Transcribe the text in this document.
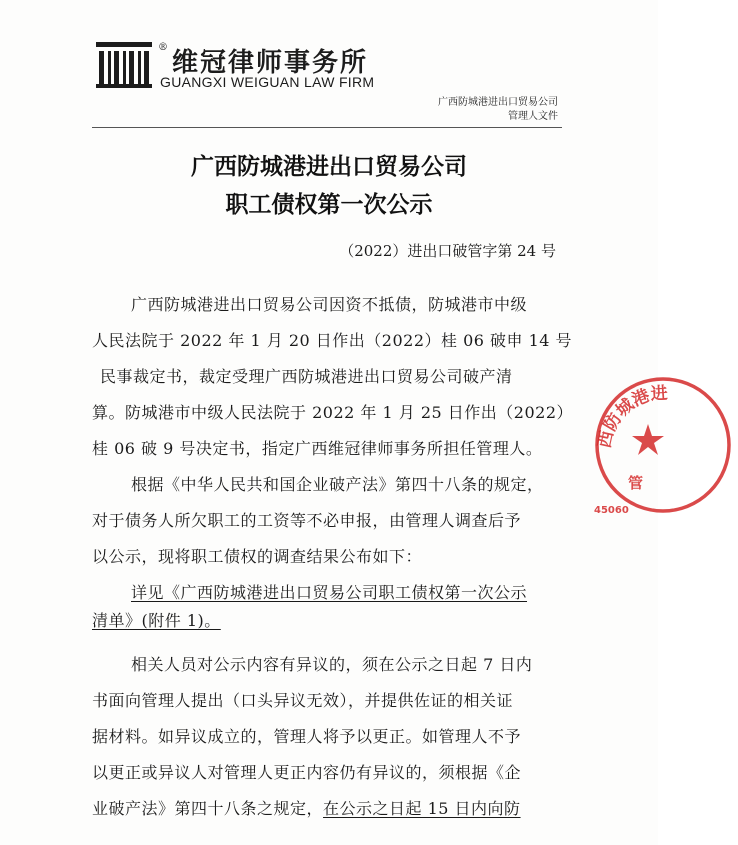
®维冠律师事务所
GUANGXI WEIGUAN LAW FIRM
广西防城港进出口贸易公司
管理人文件
广西防城港进出口贸易公司
职工债权第一次公示
（2022）进出口破管字第 24 号
广西防城港进出口贸易公司因资不抵债，防城港市中级
人民法院于 2022 年 1 月 20 日作出（2022）桂 06 破申 14 号
民事裁定书，裁定受理广西防城港进出口贸易公司破产清
算。防城港市中级人民法院于 2022 年 1 月 25 日作出（2022）
桂 06 破 9 号决定书，指定广西维冠律师事务所担任管理人。
根据《中华人民共和国企业破产法》第四十八条的规定，
对于债务人所欠职工的工资等不必申报，由管理人调查后予
以公示，现将职工债权的调查结果公布如下：
详见《广西防城港进出口贸易公司职工债权第一次公示
清单》(附件 1)。
相关人员对公示内容有异议的，须在公示之日起 7 日内
书面向管理人提出（口头异议无效），并提供佐证的相关证
据材料。如异议成立的，管理人将予以更正。如管理人不予
以更正或异议人对管理人更正内容仍有异议的，须根据《企
业破产法》第四十八条之规定，在公示之日起 15 日内向防
西防城港进
管
45060
